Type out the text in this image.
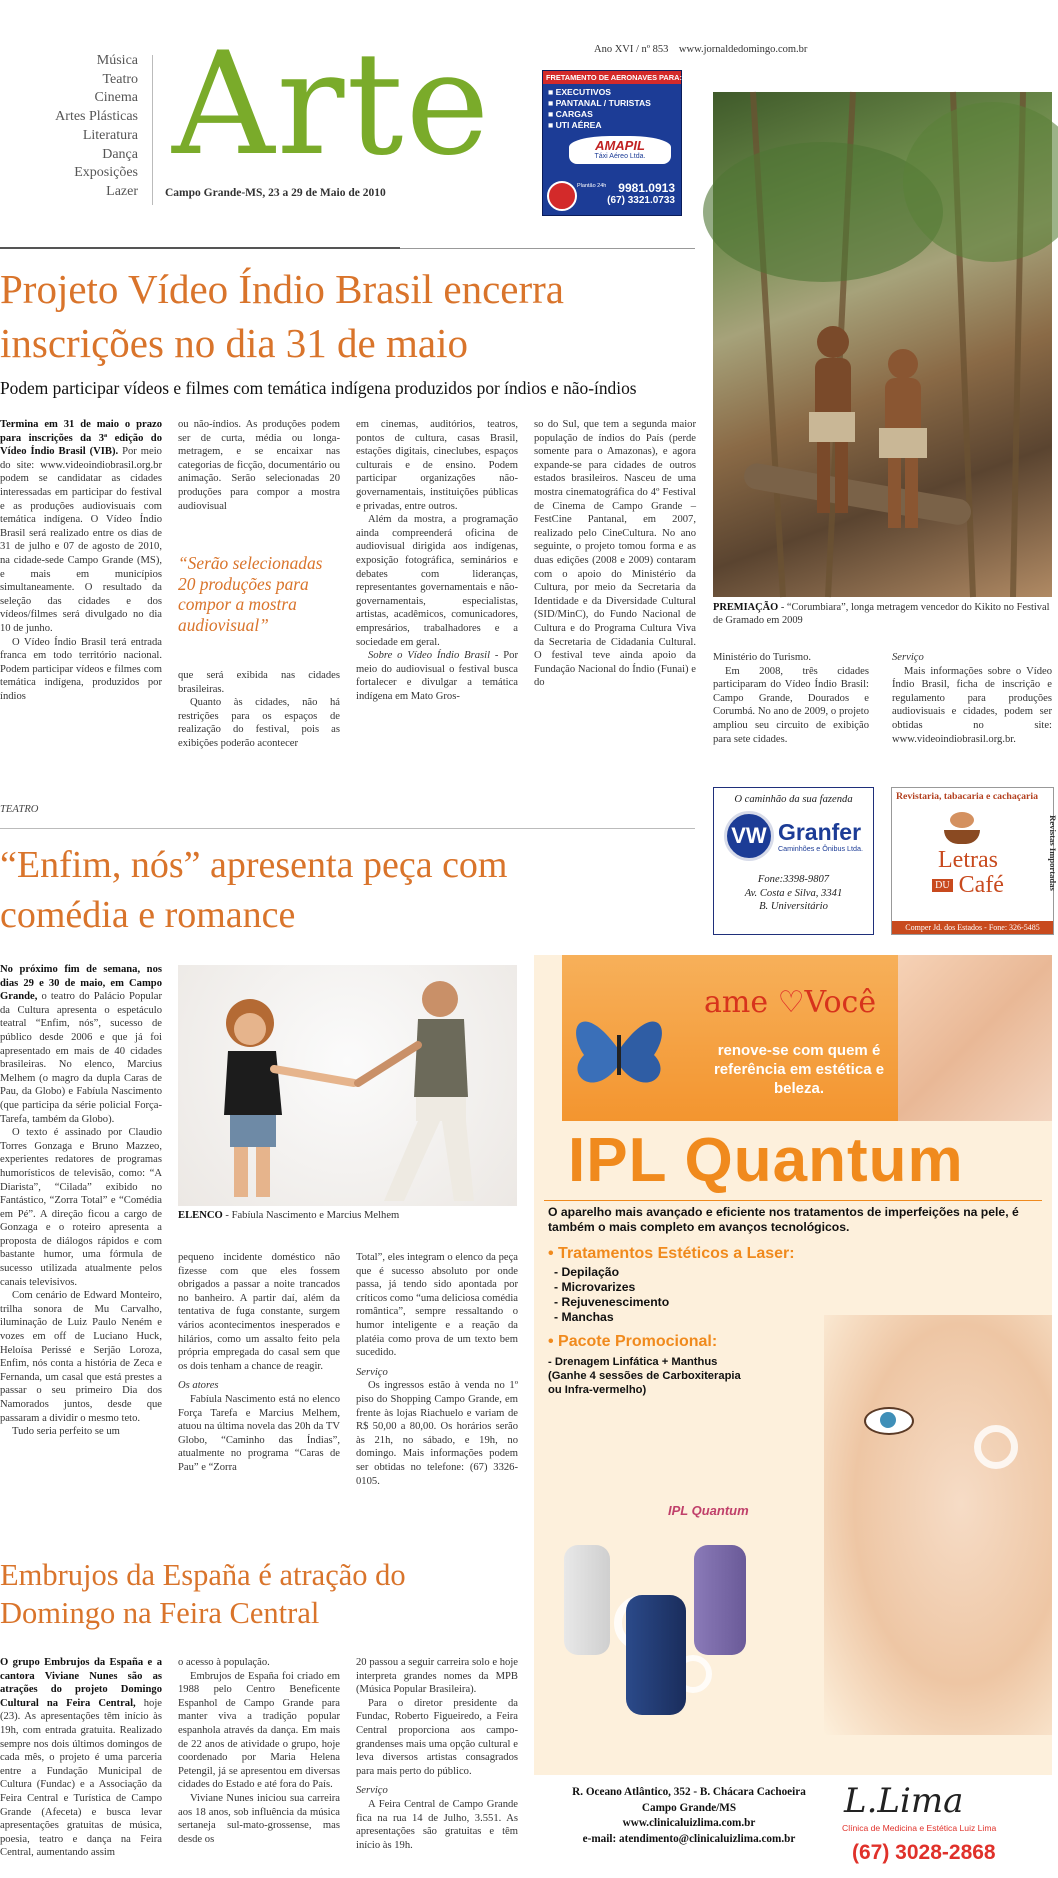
Música
Teatro
Cinema
Artes Plásticas
Literatura
Dança
Exposições
Lazer
Arte
Campo Grande-MS, 23 a 29 de Maio de 2010
Ano XVI / nº 853 www.jornaldedomingo.com.br
FRETAMENTO DE AERONAVES PARA:
■ EXECUTIVOS
■ PANTANAL / TURISTAS
■ CARGAS
■ UTI AÉREA
AMAPIL
Táxi Aéreo Ltda.
Plantão 24h 9981.0913
(67) 3321.0733
PREMIAÇÃO - “Corumbiara”, longa metragem vencedor do Kikito no Festival de Gramado em 2009
Projeto Vídeo Índio Brasil encerra inscrições no dia 31 de maio
Podem participar vídeos e filmes com temática indígena produzidos por índios e não-índios

Termina em 31 de maio o prazo para inscrições da 3ª edição do Vídeo Índio Brasil (VIB). Por meio do site: www.videoindiobrasil.org.br podem se candidatar as cidades interessadas em participar do festival e as produções audiovisuais com temática indígena. O Vídeo Índio Brasil será realizado entre os dias de 31 de julho e 07 de agosto de 2010, na cidade-sede Campo Grande (MS), e mais em municípios simultaneamente. O resultado da seleção das cidades e dos vídeos/filmes será divulgado no dia 10 de junho.

O Vídeo Índio Brasil terá entrada franca em todo território nacional. Podem participar vídeos e filmes com temática indígena, produzidos por índios

ou não-índios. As produções podem ser de curta, média ou longa-metragem, e se encaixar nas categorias de ficção, documentário ou animação. Serão selecionadas 20 produções para compor a mostra audiovisual

“Serão selecionadas 20 produções para compor a mostra audiovisual”

que será exibida nas cidades brasileiras.

Quanto às cidades, não há restrições para os espaços de realização do festival, pois as exibições poderão acontecer

em cinemas, auditórios, teatros, pontos de cultura, casas Brasil, estações digitais, cineclubes, espaços culturais e de ensino. Podem participar organizações não-governamentais, instituições públicas e privadas, entre outros.

Além da mostra, a programação ainda compreenderá oficina de audiovisual dirigida aos indígenas, exposição fotográfica, seminários e debates com lideranças, representantes governamentais e não-governamentais, especialistas, artistas, acadêmicos, comunicadores, empresários, trabalhadores e a sociedade em geral.

Sobre o Vídeo Índio Brasil - Por meio do audiovisual o festival busca fortalecer e divulgar a temática indígena em Mato Gros-

so do Sul, que tem a segunda maior população de índios do País (perde somente para o Amazonas), e agora expande-se para cidades de outros estados brasileiros. Nasceu de uma mostra cinematográfica do 4º Festival de Cinema de Campo Grande – FestCine Pantanal, em 2007, realizado pelo CineCultura. No ano seguinte, o projeto tomou forma e as duas edições (2008 e 2009) contaram com o apoio do Ministério da Cultura, por meio da Secretaria da Identidade e da Diversidade Cultural (SID/MinC), do Fundo Nacional de Cultura e do Programa Cultura Viva da Secretaria de Cidadania Cultural. O festival teve ainda apoio da Fundação Nacional do Índio (Funai) e do

Ministério do Turismo.

Em 2008, três cidades participaram do Vídeo Índio Brasil: Campo Grande, Dourados e Corumbá. No ano de 2009, o projeto ampliou seu circuito de exibição para sete cidades.

Serviço

Mais informações sobre o Vídeo Índio Brasil, ficha de inscrição e regulamento para produções audiovisuais e cidades, podem ser obtidas no site: www.videoindiobrasil.org.br.

TEATRO
“Enfim, nós” apresenta peça com comédia e romance
O caminhão da sua fazenda
VW Granfer
Caminhões e Ônibus Ltda.
Fone:3398-9807
Av. Costa e Silva, 3341
B. Universitário
Revistaria, tabacaria e cachaçaria
Letras
DU Café	Revistas Importadas
Comper Jd. dos Estados - Fone: 326-5485
ELENCO - Fabíula Nascimento e Marcius Melhem

No próximo fim de semana, nos dias 29 e 30 de maio, em Campo Grande, o teatro do Palácio Popular da Cultura apresenta o espetáculo teatral “Enfim, nós”, sucesso de público desde 2006 e que já foi apresentado em mais de 40 cidades brasileiras. No elenco, Marcius Melhem (o magro da dupla Caras de Pau, da Globo) e Fabíula Nascimento (que participa da série policial Força-Tarefa, também da Globo).

O texto é assinado por Claudio Torres Gonzaga e Bruno Mazzeo, experientes redatores de programas humorísticos de televisão, como: “A Diarista”, “Cilada” exibido no Fantástico, “Zorra Total” e “Comédia em Pé”. A direção ficou a cargo de Gonzaga e o roteiro apresenta a proposta de diálogos rápidos e com bastante humor, uma fórmula de sucesso utilizada atualmente pelos canais televisivos.

Com cenário de Edward Monteiro, trilha sonora de Mu Carvalho, iluminação de Luiz Paulo Neném e vozes em off de Luciano Huck, Heloísa Perissé e Serjão Loroza, Enfim, nós conta a história de Zeca e Fernanda, um casal que está prestes a passar o seu primeiro Dia dos Namorados juntos, desde que passaram a dividir o mesmo teto.

Tudo seria perfeito se um

pequeno incidente doméstico não fizesse com que eles fossem obrigados a passar a noite trancados no banheiro. A partir daí, além da tentativa de fuga constante, surgem vários acontecimentos inesperados e hilários, como um assalto feito pela própria empregada do casal sem que os dois tenham a chance de reagir.

Os atores

Fabíula Nascimento está no elenco Força Tarefa e Marcius Melhem, atuou na última novela das 20h da TV Globo, “Caminho das Índias”, atualmente no programa “Caras de Pau” e “Zorra

Total”, eles integram o elenco da peça que é sucesso absoluto por onde passa, já tendo sido apontada por críticos como “uma deliciosa comédia romântica”, sempre ressaltando o humor inteligente e a reação da platéia como prova de um texto bem sucedido.

Serviço

Os ingressos estão à venda no 1º piso do Shopping Campo Grande, em frente às lojas Riachuelo e variam de R$ 50,00 a 80,00. Os horários serão às 21h, no sábado, e 19h, no domingo. Mais informações podem ser obtidas no telefone: (67) 3326-0105.

Embrujos da España é atração do Domingo na Feira Central

O grupo Embrujos da España e a cantora Viviane Nunes são as atrações do projeto Domingo Cultural na Feira Central, hoje (23). As apresentações têm início às 19h, com entrada gratuita. Realizado sempre nos dois últimos domingos de cada mês, o projeto é uma parceria entre a Fundação Municipal de Cultura (Fundac) e a Associação da Feira Central e Turística de Campo Grande (Afeceta) e busca levar apresentações gratuitas de música, poesia, teatro e dança na Feira Central, aumentando assim

o acesso à população.

Embrujos de España foi criado em 1988 pelo Centro Beneficente Espanhol de Campo Grande para manter viva a tradição popular espanhola através da dança. Em mais de 22 anos de atividade o grupo, hoje coordenado por Maria Helena Petengil, já se apresentou em diversas cidades do Estado e até fora do País.

Viviane Nunes iniciou sua carreira aos 18 anos, sob influência da música sertaneja sul-mato-grossense, mas desde os

20 passou a seguir carreira solo e hoje interpreta grandes nomes da MPB (Música Popular Brasileira).

Para o diretor presidente da Fundac, Roberto Figueiredo, a Feira Central proporciona aos campo-grandenses mais uma opção cultural e leva diversos artistas consagrados para mais perto do público.

Serviço

A Feira Central de Campo Grande fica na rua 14 de Julho, 3.551. As apresentações são gratuitas e têm início às 19h.

ame ♡Você
renove-se com quem é referência em estética e beleza.
IPL Quantum
O aparelho mais avançado e eficiente nos tratamentos de imperfeições na pele, é também o mais completo em avanços tecnológicos.
• Tratamentos Estéticos a Laser:
- Depilação
- Microvarizes
- Rejuvenescimento
- Manchas
• Pacote Promocional:
- Drenagem Linfática + Manthus
(Ganhe 4 sessões de Carboxiterapia
ou Infra-vermelho)
IPL Quantum
R. Oceano Atlântico, 352 - B. Chácara Cachoeira
Campo Grande/MS
www.clinicaluizlima.com.br
e-mail: atendimento@clinicaluizlima.com.br
L.Lima
Clínica de Medicina e Estética Luiz Lima
(67) 3028-2868
